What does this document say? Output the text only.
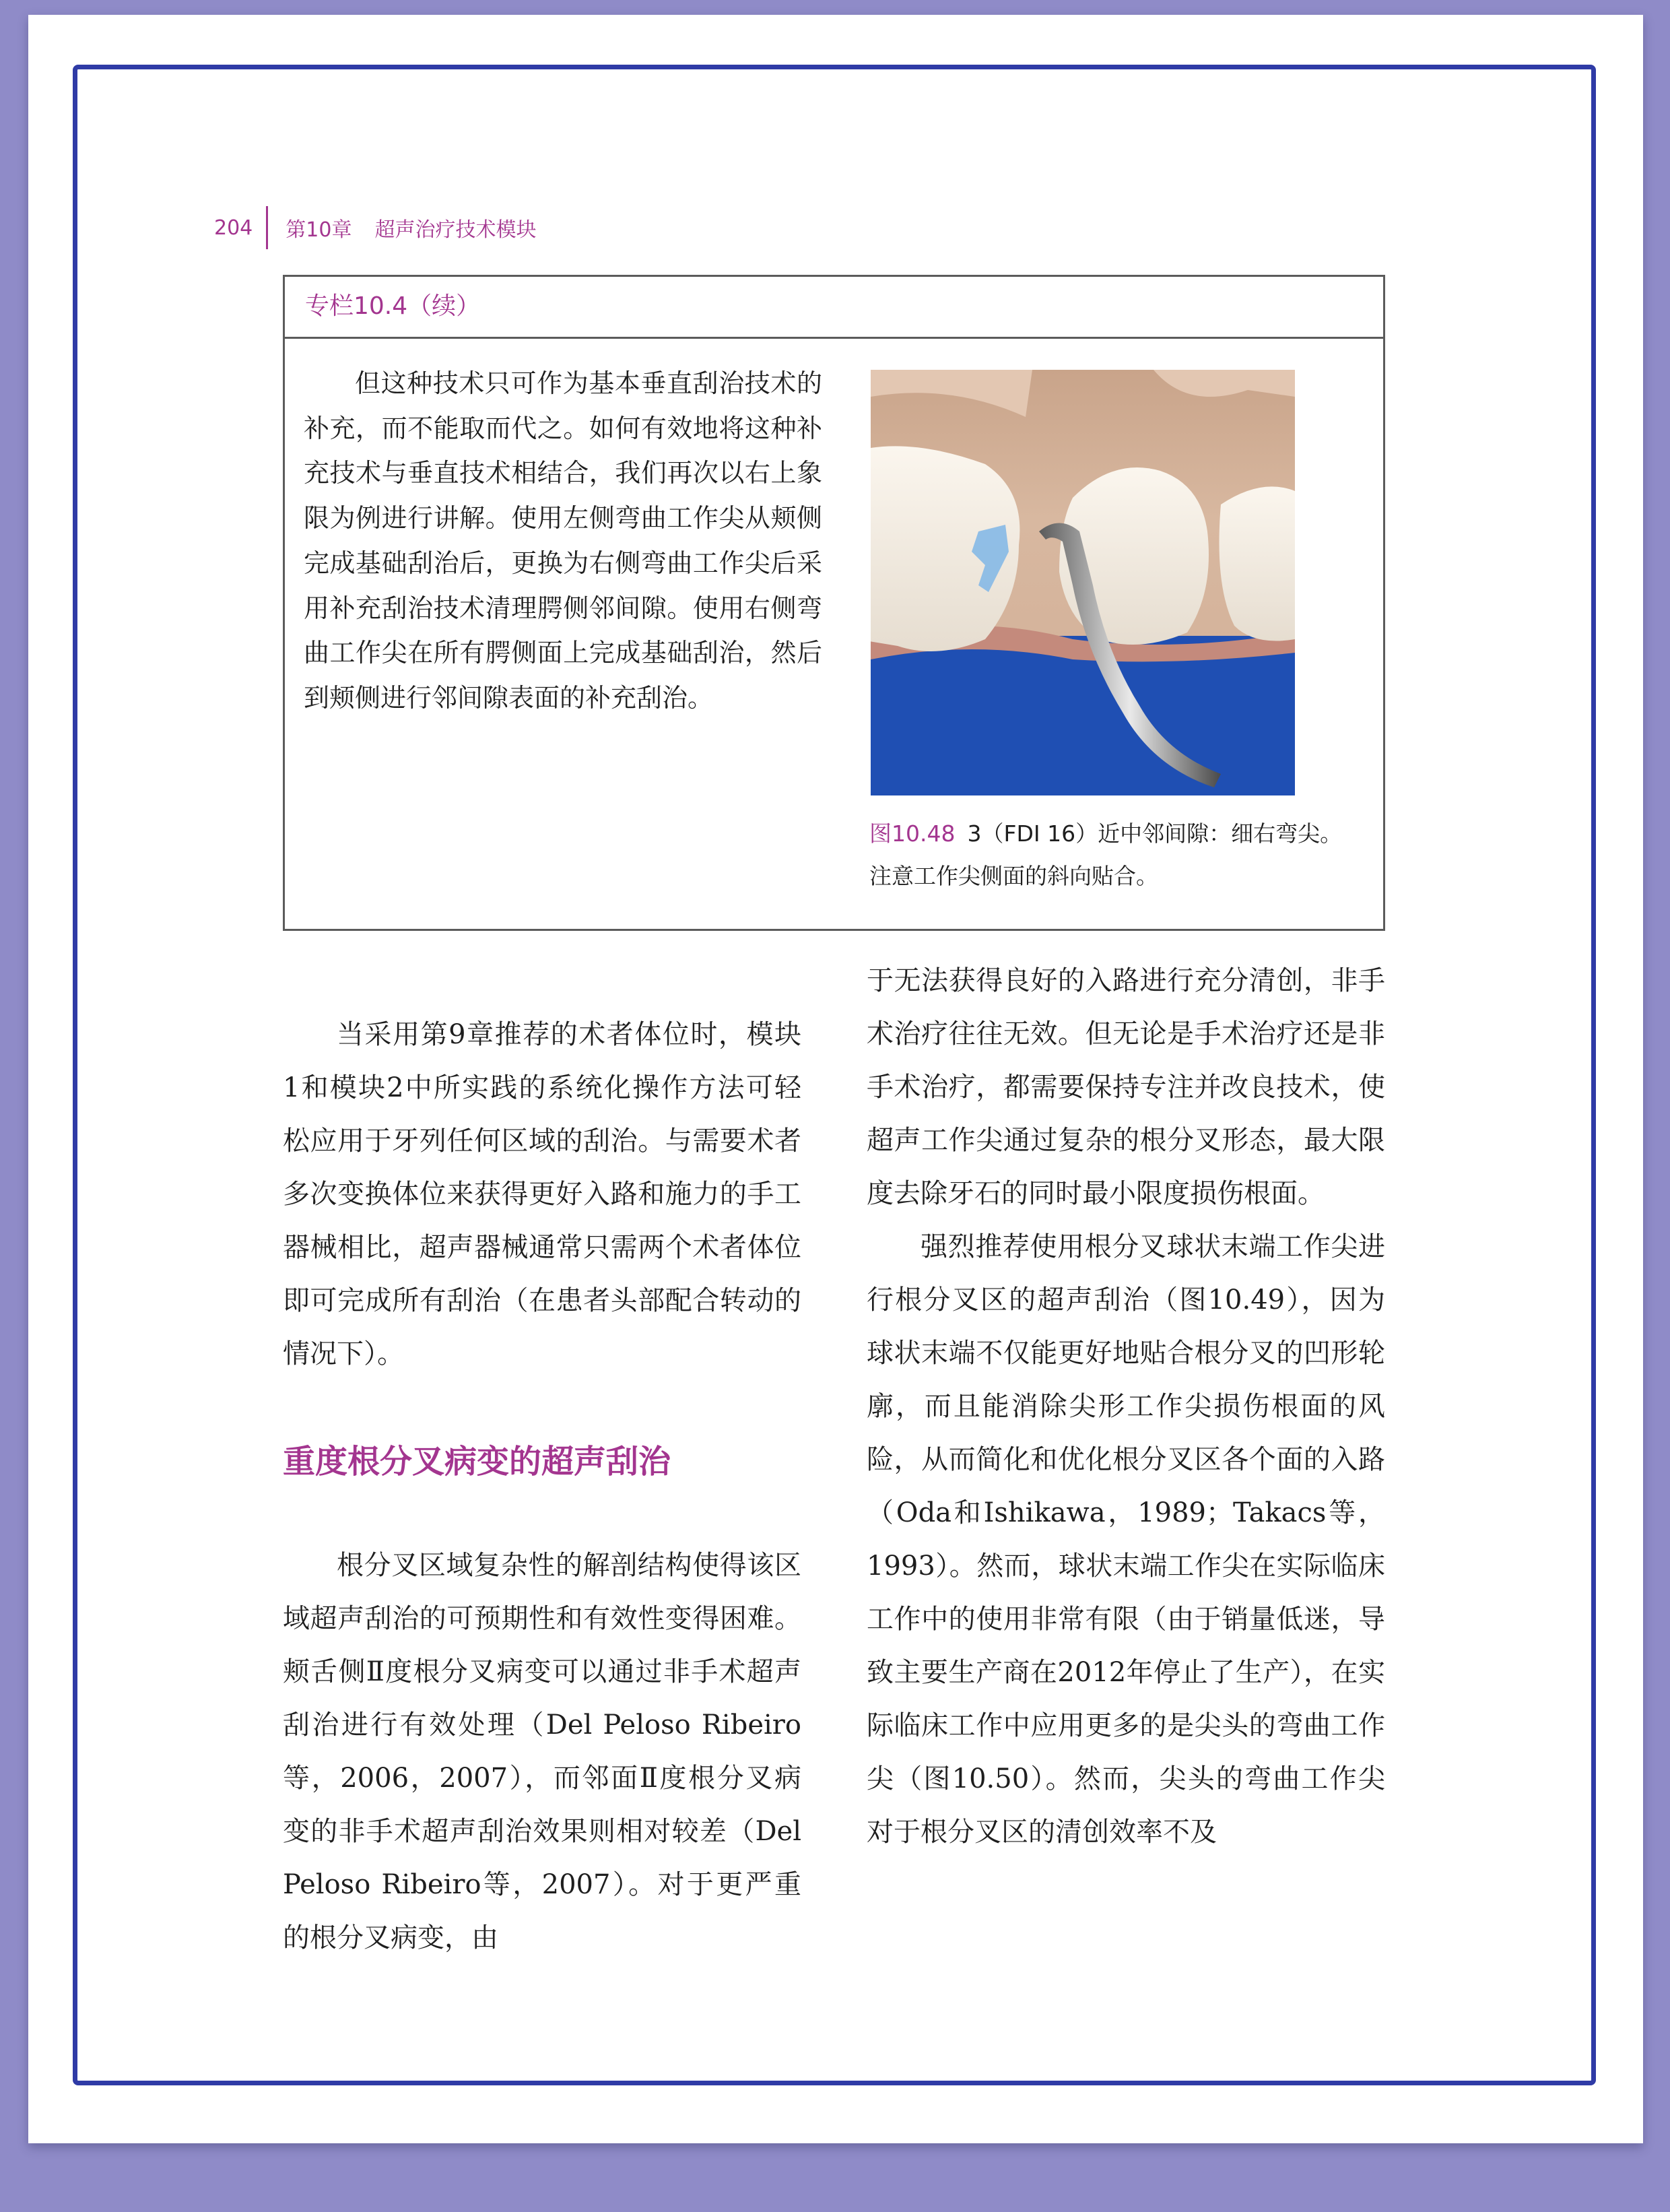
204	第10章 超声治疗技术模块
专栏10.4（续）

但这种技术只可作为基本垂直刮治技术的补充，而不能取而代之。如何有效地将这种补充技术与垂直技术相结合，我们再次以右上象限为例进行讲解。使用左侧弯曲工作尖从颊侧完成基础刮治后，更换为右侧弯曲工作尖后采用补充刮治技术清理腭侧邻间隙。使用右侧弯曲工作尖在所有腭侧面上完成基础刮治，然后到颊侧进行邻间隙表面的补充刮治。

图10.48 3（FDI 16）近中邻间隙：细右弯尖。注意工作尖侧面的斜向贴合。

当采用第9章推荐的术者体位时，模块1和模块2中所实践的系统化操作方法可轻松应用于牙列任何区域的刮治。与需要术者多次变换体位来获得更好入路和施力的手工器械相比，超声器械通常只需两个术者体位即可完成所有刮治（在患者头部配合转动的情况下）。

重度根分叉病变的超声刮治

根分叉区域复杂性的解剖结构使得该区域超声刮治的可预期性和有效性变得困难。颊舌侧Ⅱ度根分叉病变可以通过非手术超声刮治进行有效处理（Del Peloso Ribeiro等，2006，2007），而邻面Ⅱ度根分叉病变的非手术超声刮治效果则相对较差（Del Peloso Ribeiro等，2007）。对于更严重的根分叉病变，由

于无法获得良好的入路进行充分清创，非手术治疗往往无效。但无论是手术治疗还是非手术治疗，都需要保持专注并改良技术，使超声工作尖通过复杂的根分叉形态，最大限度去除牙石的同时最小限度损伤根面。

强烈推荐使用根分叉球状末端工作尖进行根分叉区的超声刮治（图10.49），因为球状末端不仅能更好地贴合根分叉的凹形轮廓，而且能消除尖形工作尖损伤根面的风险，从而简化和优化根分叉区各个面的入路（Oda和Ishikawa，1989；Takacs等，1993）。然而，球状末端工作尖在实际临床工作中的使用非常有限（由于销量低迷，导致主要生产商在2012年停止了生产），在实际临床工作中应用更多的是尖头的弯曲工作尖（图10.50）。然而，尖头的弯曲工作尖对于根分叉区的清创效率不及
